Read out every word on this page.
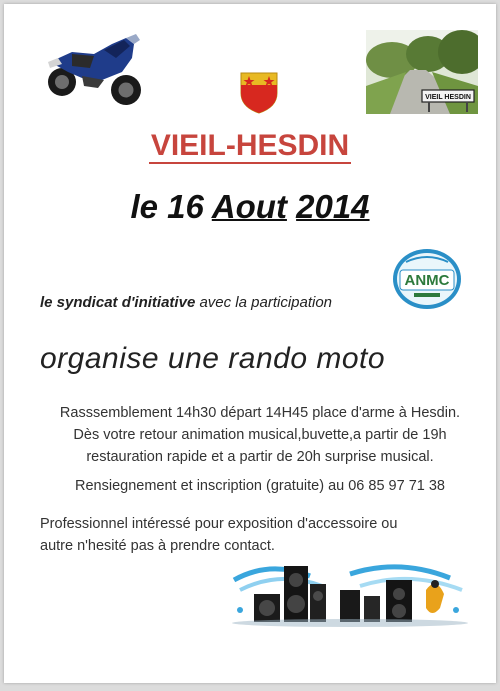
VIEIL HESDIN
VIEIL-HESDIN
le 16 Aout 2014
ANMC
le syndicat d'initiative avec la participation
organise une rando moto
Rasssemblement 14h30 départ 14H45 place d'arme à Hesdin.
Dès votre retour animation musical,buvette,a partir de 19h
restauration rapide et a partir de 20h surprise musical.
Rensiegnement et inscription (gratuite) au 06 85 97 71 38
Professionnel intéressé pour exposition d'accessoire ou
autre n'hesité pas à prendre contact.
